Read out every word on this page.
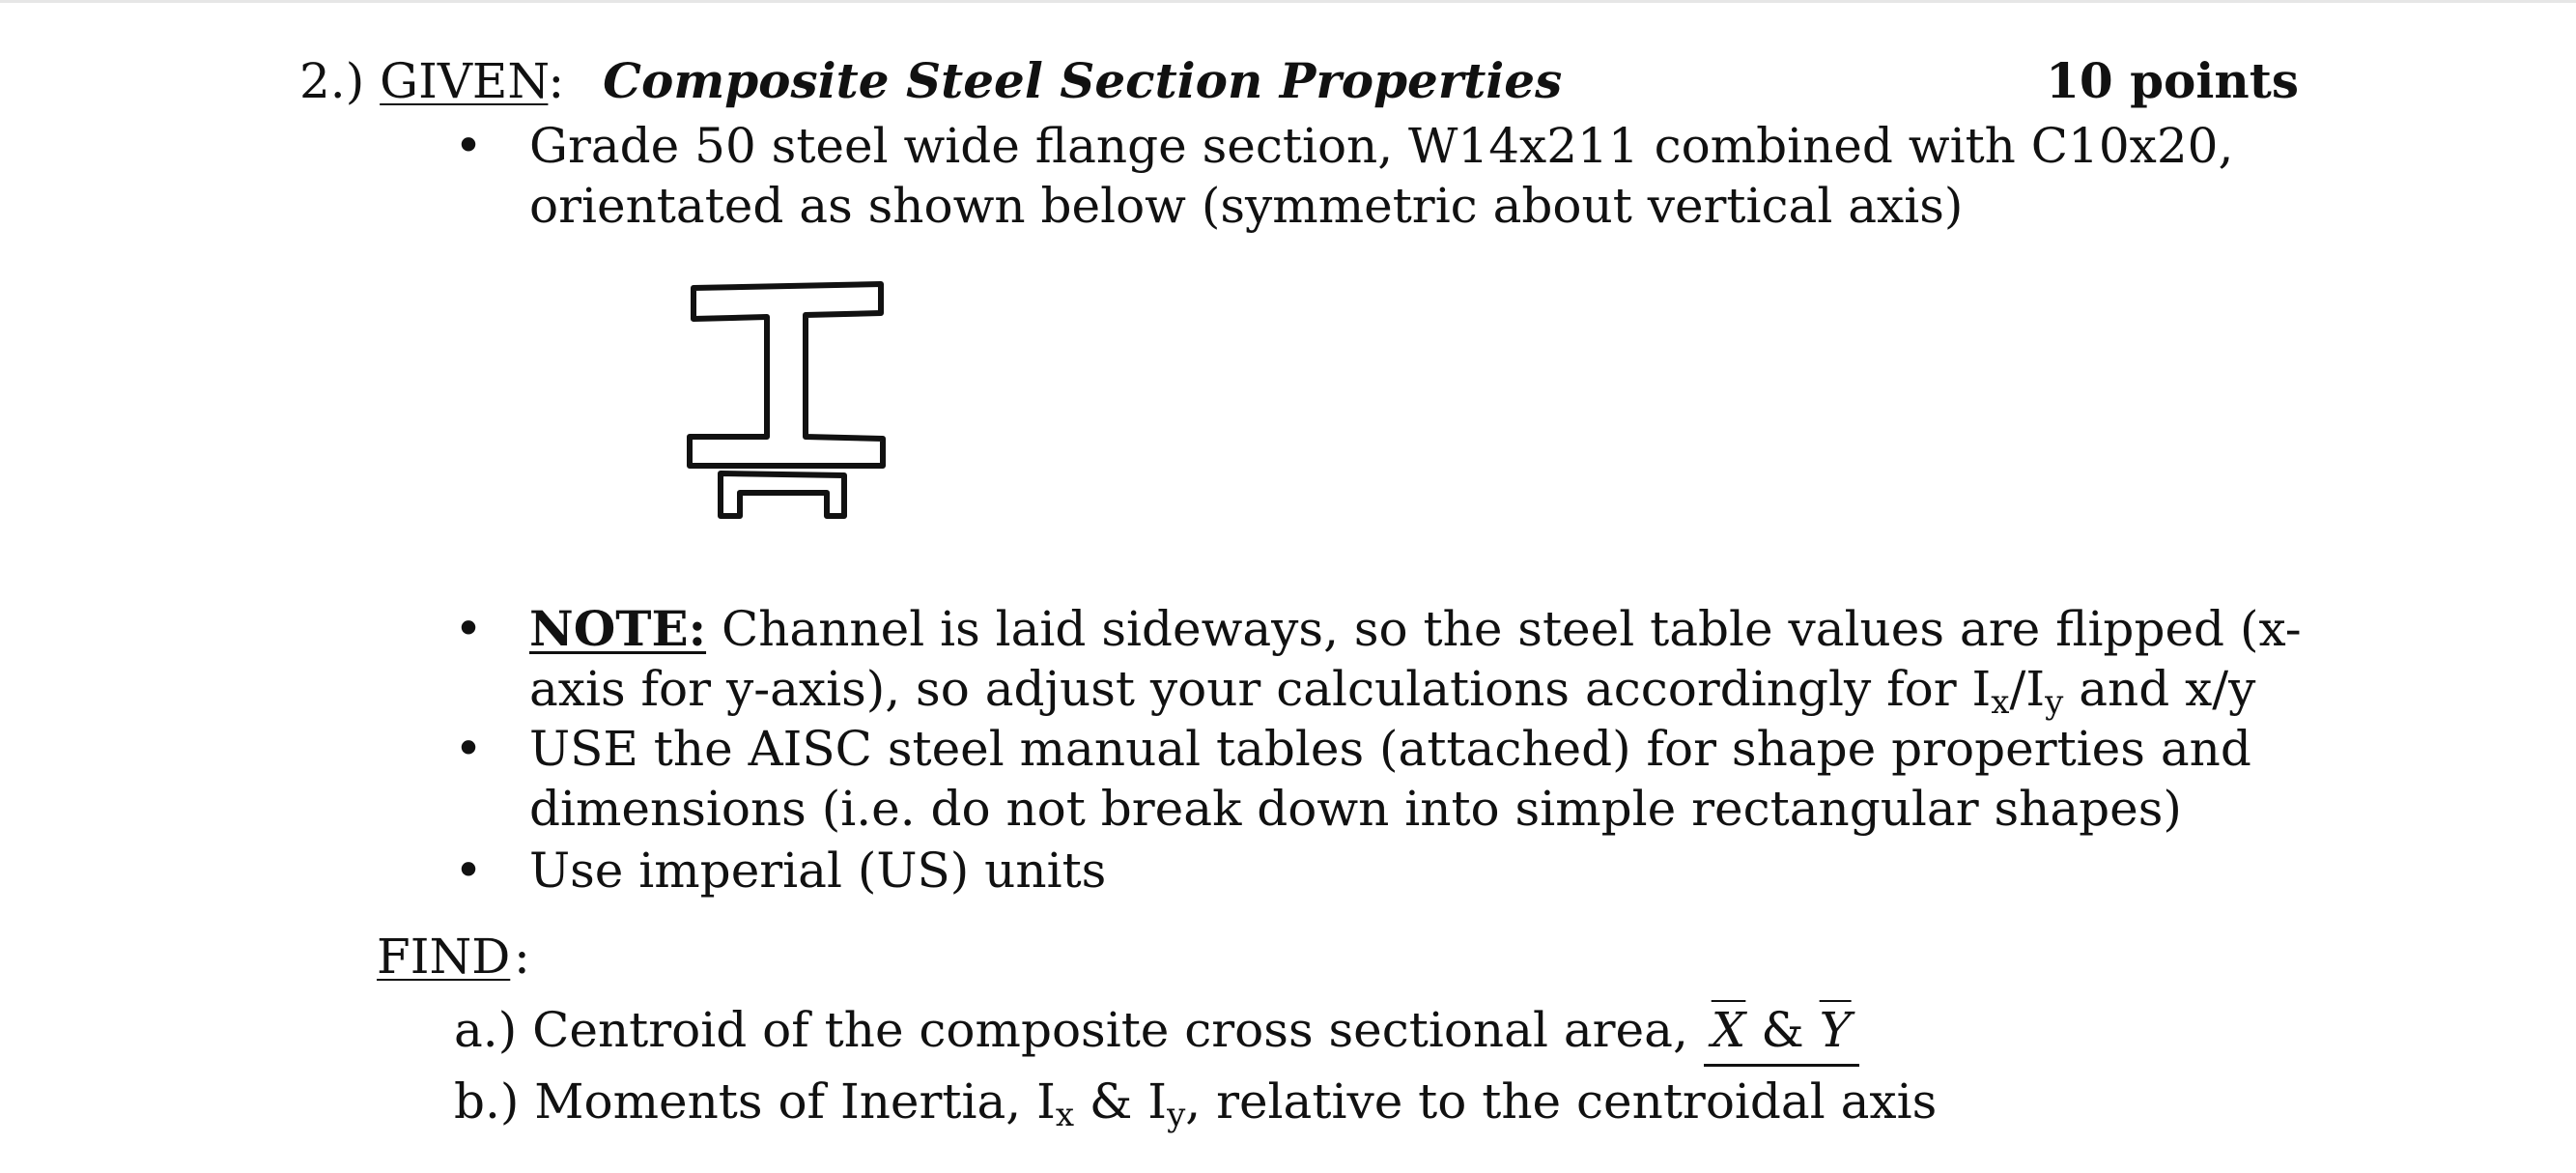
2.) GIVEN: Composite Steel Section Properties	10 points
• Grade 50 steel wide flange section, W14x211 combined with C10x20,
orientated as shown below (symmetric about vertical axis)
• NOTE: Channel is laid sideways, so the steel table values are flipped (x-
axis for y-axis), so adjust your calculations accordingly for $I_x/I_y$ and x/y
• USE the AISC steel manual tables (attached) for shape properties and
dimensions (i.e. do not break down into simple rectangular shapes)
• Use imperial (US) units
FIND :
a.) Centroid of the composite cross sectional area, $\overline{X}$ & $\overline{Y}$
b.) Moments of Inertia, $I_x$ & $I_y$, relative to the centroidal axis
